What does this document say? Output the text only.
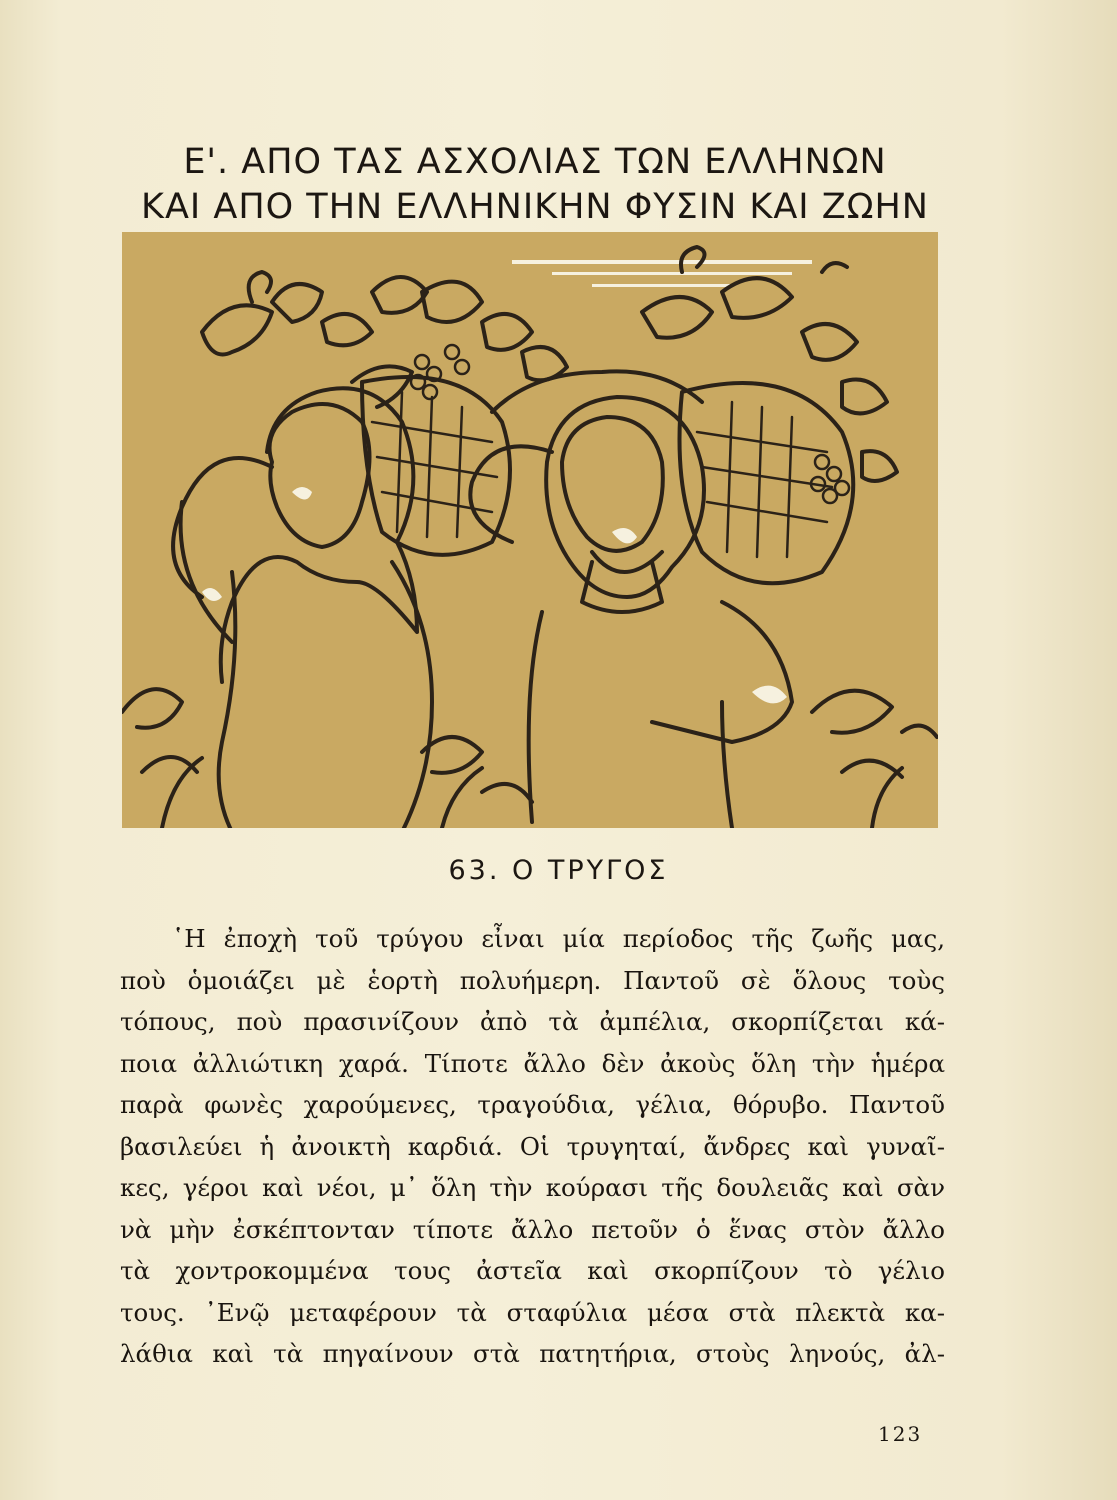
Ε'. ΑΠΟ ΤΑΣ ΑΣΧΟΛΙΑΣ ΤΩΝ ΕΛΛΗΝΩΝ
ΚΑΙ ΑΠΟ ΤΗΝ ΕΛΛΗΝΙΚΗΝ ΦΥΣΙΝ ΚΑΙ ΖΩΗΝ
63. Ο ΤΡΥΓΟΣ
῾Η ἐποχὴ τοῦ τρύγου εἶναι μία περίοδος τῆς ζωῆς μας,
ποὺ ὁμοιάζει μὲ ἑορτὴ πολυήμερη. Παντοῦ σὲ ὅλους τοὺς
τόπους, ποὺ πρασινίζουν ἀπὸ τὰ ἀμπέλια, σκορπίζεται κά-
ποια ἀλλιώτικη χαρά. Τίποτε ἄλλο δὲν ἀκοὺς ὅλη τὴν ἡμέρα
παρὰ φωνὲς χαρούμενες, τραγούδια, γέλια, θόρυβο. Παντοῦ
βασιλεύει ἡ ἀνοικτὴ καρδιά. Οἱ τρυγηταί, ἄνδρες καὶ γυναῖ-
κες, γέροι καὶ νέοι, μ᾿ ὅλη τὴν κούρασι τῆς δουλειᾶς καὶ σὰν
νὰ μὴν ἐσκέπτονταν τίποτε ἄλλο πετοῦν ὁ ἕνας στὸν ἄλλο
τὰ χοντροκομμένα τους ἀστεῖα καὶ σκορπίζουν τὸ γέλιο
τους. ᾿Ενῷ μεταφέρουν τὰ σταφύλια μέσα στὰ πλεκτὰ κα-
λάθια καὶ τὰ πηγαίνουν στὰ πατητήρια, στοὺς ληνούς, ἀλ-
123
